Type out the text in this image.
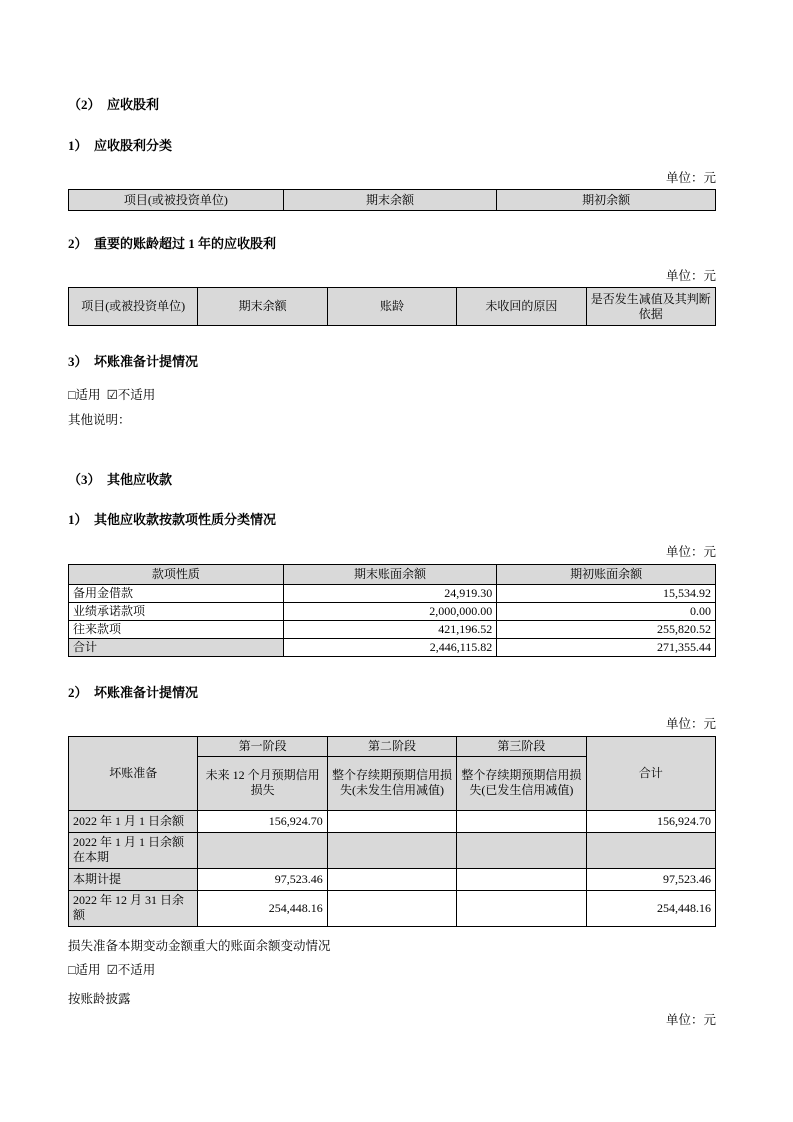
（2）  应收股利
1）  应收股利分类
单位：元
项目(或被投资单位)	期末余额	期初余额
2）  重要的账龄超过 1 年的应收股利
单位：元
项目(或被投资单位)	期末余额	账龄	未收回的原因	是否发生减值及其判断依据
3）  坏账准备计提情况
□适用 ☑不适用
其他说明：
（3）  其他应收款
1）  其他应收款按款项性质分类情况
单位：元
款项性质	期末账面余额	期初账面余额
备用金借款	24,919.30	15,534.92
业绩承诺款项	2,000,000.00	0.00
往来款项	421,196.52	255,820.52
合计	2,446,115.82	271,355.44
2）  坏账准备计提情况
单位：元
坏账准备	第一阶段	第二阶段	第三阶段	合计
	未来 12 个月预期信用损失	整个存续期预期信用损失(未发生信用减值)	整个存续期预期信用损失(已发生信用减值)	
2022 年 1 月 1 日余额	156,924.70			156,924.70
2022 年 1 月 1 日余额在本期				
本期计提	97,523.46			97,523.46
2022 年 12 月 31 日余额	254,448.16			254,448.16
损失准备本期变动金额重大的账面余额变动情况
□适用 ☑不适用
按账龄披露
单位：元
